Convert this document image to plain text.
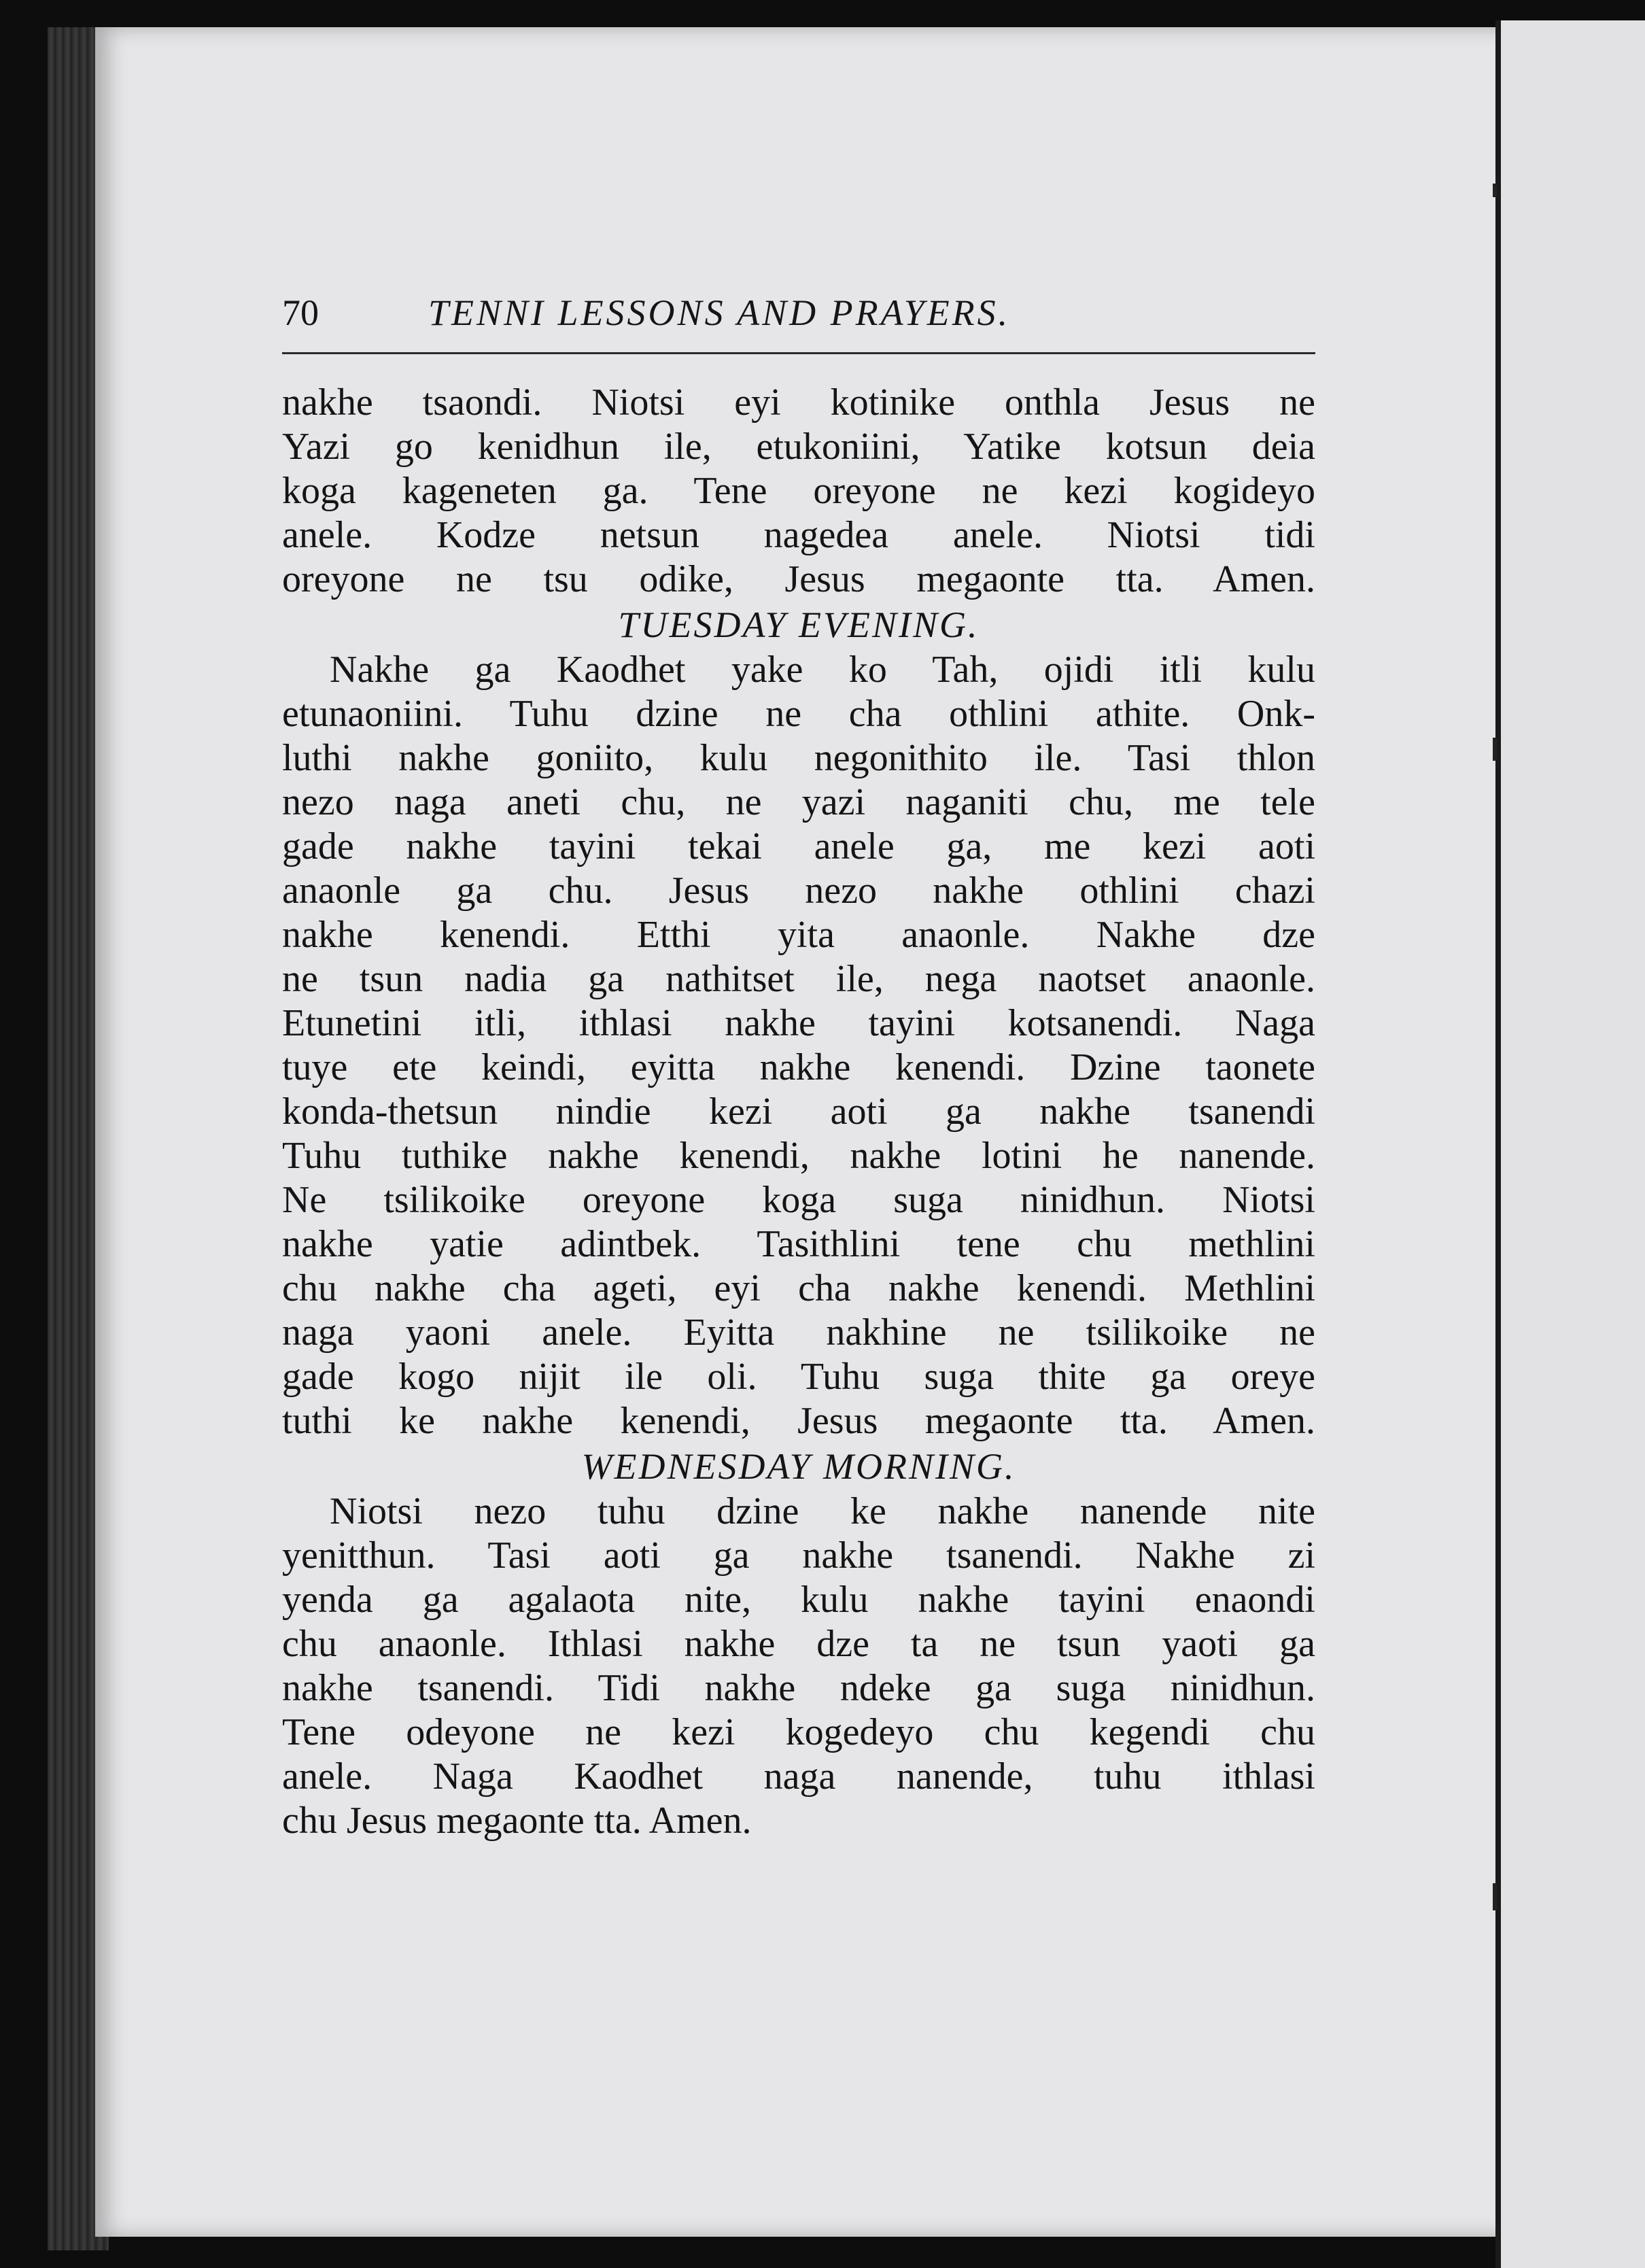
70	TENNI LESSONS AND PRAYERS.
nakhe tsaondi. Niotsi eyi kotinike onthla Jesus ne
Yazi go kenidhun ile, etukoniini, Yatike kotsun deia
koga kageneten ga. Tene oreyone ne kezi kogideyo
anele. Kodze netsun nagedea anele. Niotsi tidi
oreyone ne tsu odike, Jesus megaonte tta. Amen.
TUESDAY EVENING.
Nakhe ga Kaodhet yake ko Tah, ojidi itli kulu
etunaoniini. Tuhu dzine ne cha othlini athite. Onk-
luthi nakhe goniito, kulu negonithito ile. Tasi thlon
nezo naga aneti chu, ne yazi naganiti chu, me tele
gade nakhe tayini tekai anele ga, me kezi aoti
anaonle ga chu. Jesus nezo nakhe othlini chazi
nakhe kenendi. Etthi yita anaonle. Nakhe dze
ne tsun nadia ga nathitset ile, nega naotset anaonle.
Etunetini itli, ithlasi nakhe tayini kotsanendi. Naga
tuye ete keindi, eyitta nakhe kenendi. Dzine taonete
konda-thetsun nindie kezi aoti ga nakhe tsanendi
Tuhu tuthike nakhe kenendi, nakhe lotini he nanende.
Ne tsilikoike oreyone koga suga ninidhun. Niotsi
nakhe yatie adintbek. Tasithlini tene chu methlini
chu nakhe cha ageti, eyi cha nakhe kenendi. Methlini
naga yaoni anele. Eyitta nakhine ne tsilikoike ne
gade kogo nijit ile oli. Tuhu suga thite ga oreye
tuthi ke nakhe kenendi, Jesus megaonte tta. Amen.
WEDNESDAY MORNING.
Niotsi nezo tuhu dzine ke nakhe nanende nite
yenitthun. Tasi aoti ga nakhe tsanendi. Nakhe zi
yenda ga agalaota nite, kulu nakhe tayini enaondi
chu anaonle. Ithlasi nakhe dze ta ne tsun yaoti ga
nakhe tsanendi. Tidi nakhe ndeke ga suga ninidhun.
Tene odeyone ne kezi kogedeyo chu kegendi chu
anele. Naga Kaodhet naga nanende, tuhu ithlasi
chu Jesus megaonte tta. Amen.
